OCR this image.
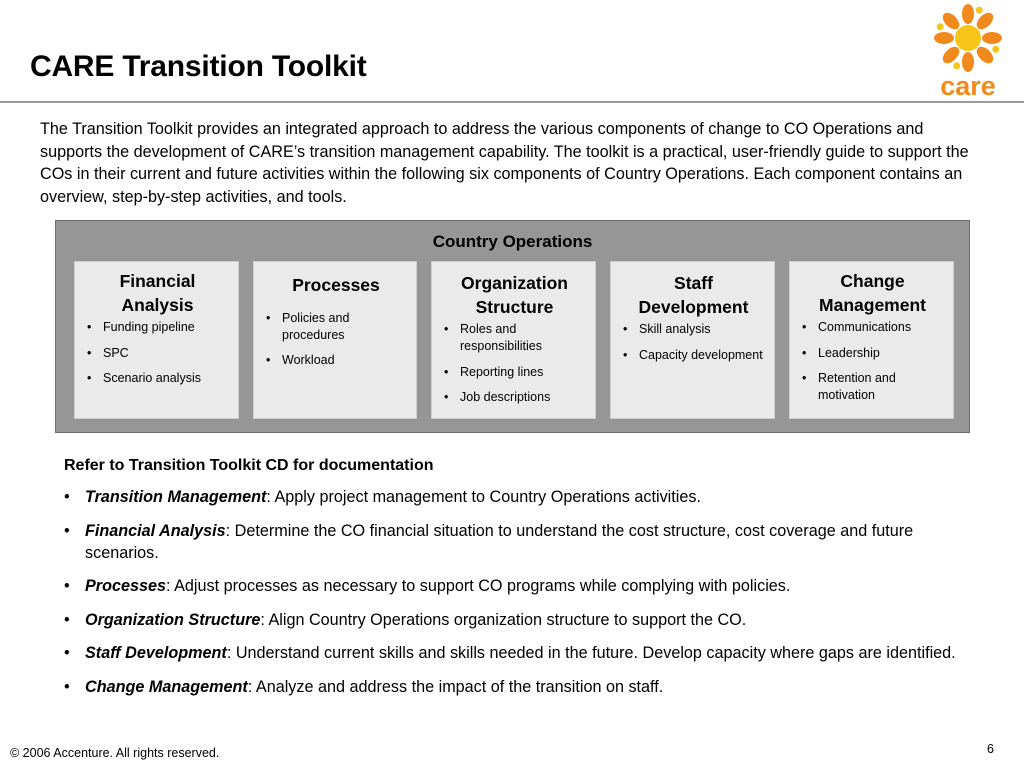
CARE Transition Toolkit
care
The Transition Toolkit provides an integrated approach to address the various components of change to CO Operations and supports the development of CARE’s transition management capability. The toolkit is a practical, user-friendly guide to support the COs in their current and future activities within the following six components of Country Operations. Each component contains an overview, step-by-step activities, and tools.
Country Operations
Financial Analysis
• Funding pipeline
• SPC
• Scenario analysis
Processes
• Policies and procedures
• Workload
Organization Structure
• Roles and responsibilities
• Reporting lines
• Job descriptions
Staff Development
• Skill analysis
• Capacity development
Change Management
• Communications
• Leadership
• Retention and motivation
Refer to Transition Toolkit CD for documentation
• Transition Management: Apply project management to Country Operations activities.
• Financial Analysis: Determine the CO financial situation to understand the cost structure, cost coverage and future scenarios.
• Processes: Adjust processes as necessary to support CO programs while complying with policies.
• Organization Structure: Align Country Operations organization structure to support the CO.
• Staff Development: Understand current skills and skills needed in the future. Develop capacity where gaps are identified.
• Change Management: Analyze and address the impact of the transition on staff.
© 2006 Accenture. All rights reserved.	6
